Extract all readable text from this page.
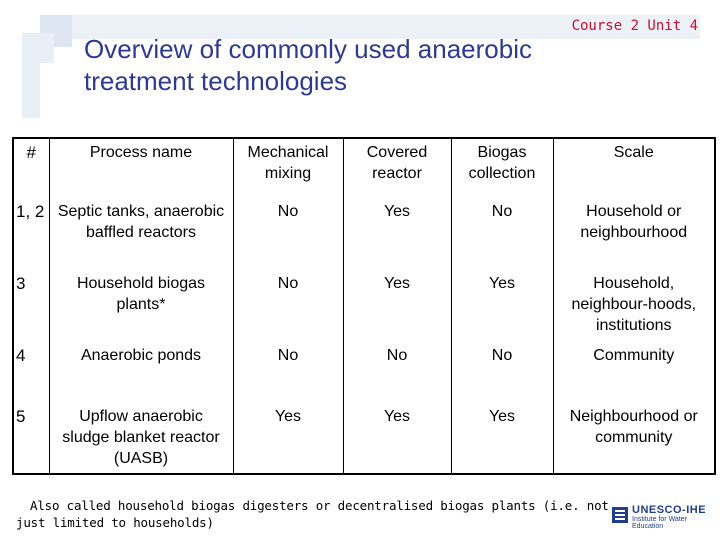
Course 2 Unit 4
Overview of commonly used anaerobic treatment technologies
#	Process name	Mechanical mixing	Covered reactor	Biogas collection	Scale
1, 2	Septic tanks, anaerobic baffled reactors	No	Yes	No	Household or neighbourhood
3	Household biogas plants*	No	Yes	Yes	Household, neighbour-hoods, institutions
4	Anaerobic ponds	No	No	No	Community
5	Upflow anaerobic sludge blanket reactor (UASB)	Yes	Yes	Yes	Neighbourhood or community
Also called household biogas digesters or decentralised biogas plants (i.e. not
just limited to households)
UNESCO-IHE
Institute for Water Education
